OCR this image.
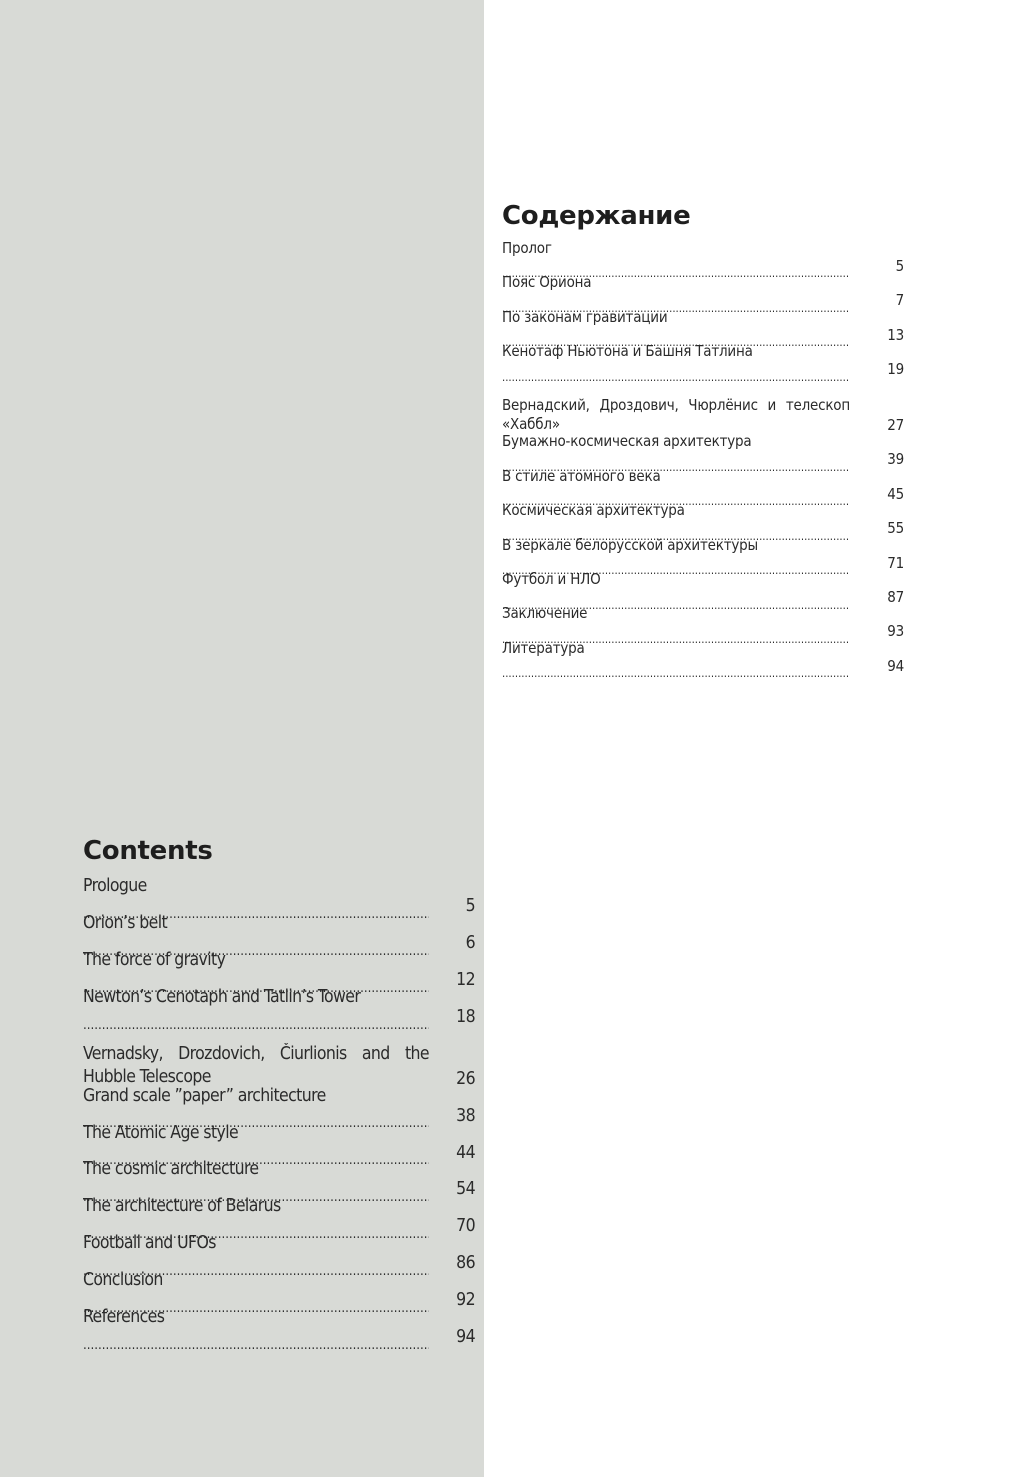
Содержание
Пролог
.....
5
Пояс Ориона
.....
7
По законам гравитации
.....
13
Кенотаф Ньютона и Башня Татлина
.....
19
Вернадский, Дроздович, Чюрлёнис и телескоп «Хаббл»
.....	27
Бумажно-космическая архитектура
.....
39
В стиле атомного века
.....
45
Космическая архитектура
.....
55
В зеркале белорусской архитектуры
.....
71
Футбол и НЛО
.....
87
Заключение
.....
93
Литература
.....
94
Contents
Prologue
.....
5
Orion’s belt
.....
6
The force of gravity
.....
12
Newton’s Cenotaph and Tatlin’s Tower
.....
18
Vernadsky, Drozdovich, Čiurlionis and the Hubble Telescope
.....	26
Grand scale ”paper” architecture
.....
38
The Atomic Age style
.....
44
The cosmic architecture
.....
54
The architecture of Belarus
.....
70
Football and UFOs
.....
86
Conclusion
.....
92
References
.....
94
